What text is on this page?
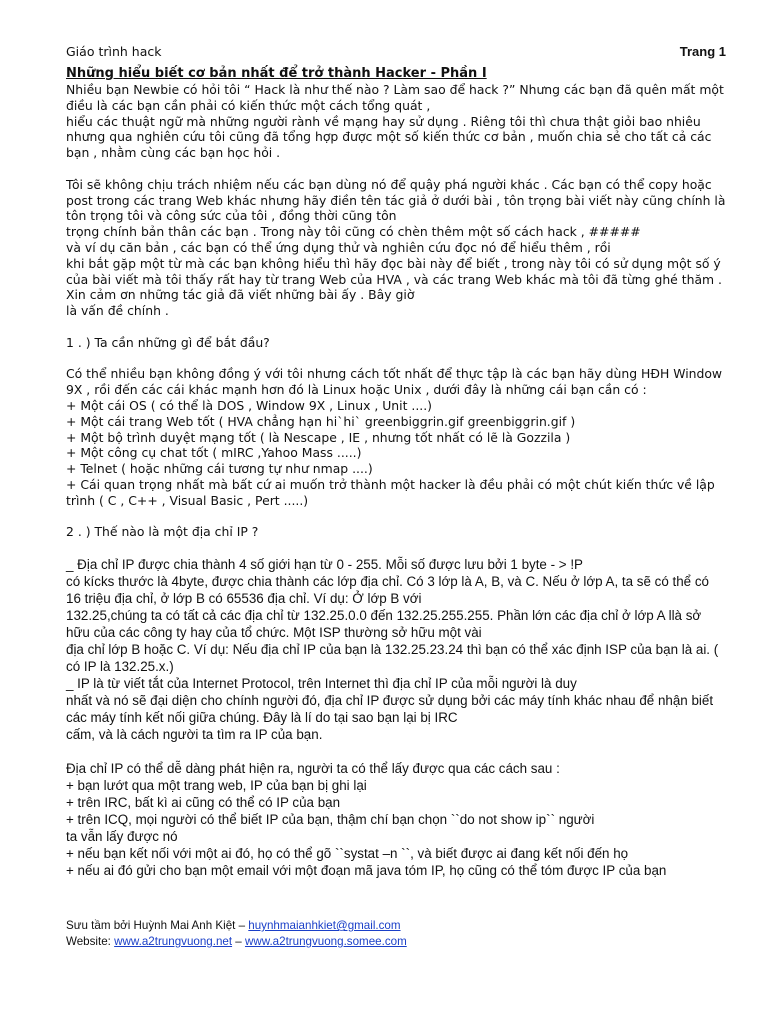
Giáo trình hack	Trang 1
Những hiểu biết cơ bản nhất để trở thành Hacker - Phần I

Nhiều bạn Newbie có hỏi tôi “ Hack là như thế nào ? Làm sao để hack ?” Nhưng các bạn đã quên mất một điều là các bạn cần phải có kiến thức một cách tổng quát ,

hiểu các thuật ngữ mà những người rành về mạng hay sử dụng . Riêng tôi thì chưa thật giỏi bao nhiêu nhưng qua nghiên cứu tôi cũng đã tổng hợp được một số kiến thức cơ bản , muốn chia sẻ cho tất cả các bạn , nhằm cùng các bạn học hỏi .

Tôi sẽ không chịu trách nhiệm nếu các bạn dùng nó để quậy phá người khác . Các bạn có thể copy hoặc post trong các trang Web khác nhưng hãy điền tên tác giả ở dưới bài , tôn trọng bài viết này cũng chính là tôn trọng tôi và công sức của tôi , đồng thời cũng tôn

trọng chính bản thân các bạn . Trong này tôi cũng có chèn thêm một số cách hack , #####

và ví dụ căn bản , các bạn có thể ứng dụng thử và nghiên cứu đọc nó để hiểu thêm , rồi

khi bắt gặp một từ mà các bạn không hiểu thì hãy đọc bài này để biết , trong này tôi có sử dụng một số ý của bài viết mà tôi thấy rất hay từ trang Web của HVA , và các trang Web khác mà tôi đã từng ghé thăm . Xin cảm ơn những tác giả đã viết những bài ấy . Bây giờ

là vấn đề chính .

1 . ) Ta cần những gì để bắt đầu?

Có thể nhiều bạn không đồng ý với tôi nhưng cách tốt nhất để thực tập là các bạn hãy dùng HĐH Window 9X , rồi đến các cái khác mạnh hơn đó là Linux hoặc Unix , dưới đây là những cái bạn cần có :

+ Một cái OS ( có thể là DOS , Window 9X , Linux , Unit ....)

+ Một cái trang Web tốt ( HVA chẳng hạn hi`hi` greenbiggrin.gif greenbiggrin.gif )

+ Một bộ trình duyệt mạng tốt ( là Nescape , IE , nhưng tốt nhất có lẽ là Gozzila )

+ Một công cụ chat tốt ( mIRC ,Yahoo Mass .....)

+ Telnet ( hoặc những cái tương tự như nmap ....)

+ Cái quan trọng nhất mà bất cứ ai muốn trở thành một hacker là đều phải có một chút kiến thức về lập trình ( C , C++ , Visual Basic , Pert .....)

2 . ) Thế nào là một địa chỉ IP ?

_ Địa chỉ IP được chia thành 4 số giới hạn từ 0 - 255. Mỗi số được lưu bởi 1 byte - > !P

có kícks thước là 4byte, được chia thành các lớp địa chỉ. Có 3 lớp là A, B, và C. Nếu ở lớp A, ta sẽ có thể có 16 triệu địa chỉ, ở lớp B có 65536 địa chỉ. Ví dụ: Ở lớp B với

132.25,chúng ta có tất cả các địa chỉ từ 132.25.0.0 đến 132.25.255.255. Phần lớn các địa chỉ ở lớp A llà sở hữu của các công ty hay của tổ chức. Một ISP thường sở hữu một vài

địa chỉ lớp B hoặc C. Ví dụ: Nếu địa chỉ IP của bạn là 132.25.23.24 thì bạn có thể xác định ISP của bạn là ai. ( có IP là 132.25.x.)

_ IP là từ viết tắt của Internet Protocol, trên Internet thì địa chỉ IP của mỗi người là duy

nhất và nó sẽ đại diện cho chính người đó, địa chỉ IP được sử dụng bởi các máy tính khác nhau để nhận biết các máy tính kết nối giữa chúng. Đây là lí do tại sao bạn lại bị IRC

cấm, và là cách người ta tìm ra IP của bạn.

Địa chỉ IP có thể dễ dàng phát hiện ra, người ta có thể lấy được qua các cách sau :

+ bạn lướt qua một trang web, IP của bạn bị ghi lại

+ trên IRC, bất kì ai cũng có thể có IP của bạn

+ trên ICQ, mọi người có thể biết IP của bạn, thậm chí bạn chọn ``do not show ip`` người

ta vẫn lấy được nó

+ nếu bạn kết nối với một ai đó, họ có thể gõ ``systat –n ``, và biết được ai đang kết nối đến họ

+ nếu ai đó gửi cho bạn một email với một đoạn mã java tóm IP, họ cũng có thể tóm được IP của bạn

Sưu tầm bởi Huỳnh Mai Anh Kiệt – huynhmaianhkiet@gmail.com
Website: www.a2trungvuong.net – www.a2trungvuong.somee.com
